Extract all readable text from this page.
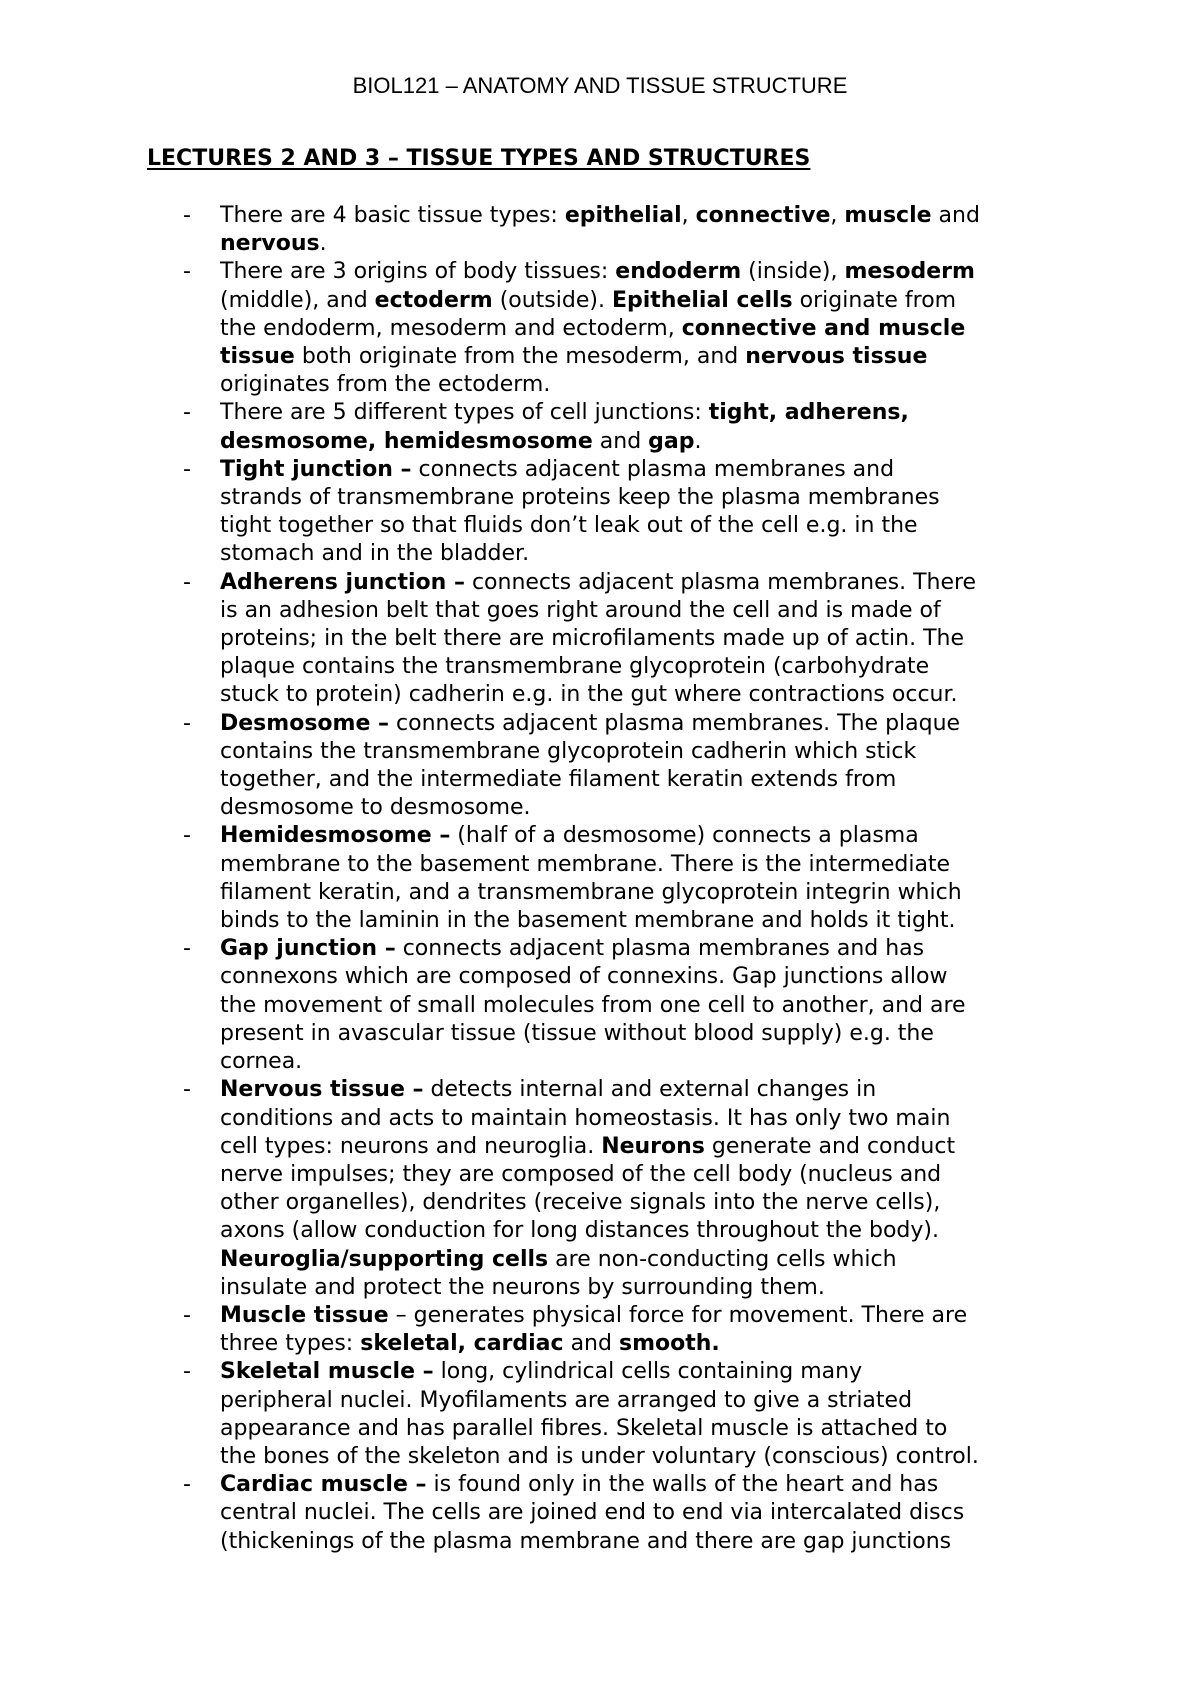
BIOL121 – ANATOMY AND TISSUE STRUCTURE
LECTURES 2 AND 3 – TISSUE TYPES AND STRUCTURES
- There are 4 basic tissue types: epithelial, connective, muscle and
nervous.
- There are 3 origins of body tissues: endoderm (inside), mesoderm
(middle), and ectoderm (outside). Epithelial cells originate from
the endoderm, mesoderm and ectoderm, connective and muscle
tissue both originate from the mesoderm, and nervous tissue
originates from the ectoderm.
- There are 5 different types of cell junctions: tight, adherens,
desmosome, hemidesmosome and gap.
- Tight junction – connects adjacent plasma membranes and
strands of transmembrane proteins keep the plasma membranes
tight together so that fluids don’t leak out of the cell e.g. in the
stomach and in the bladder.
- Adherens junction – connects adjacent plasma membranes. There
is an adhesion belt that goes right around the cell and is made of
proteins; in the belt there are microfilaments made up of actin. The
plaque contains the transmembrane glycoprotein (carbohydrate
stuck to protein) cadherin e.g. in the gut where contractions occur.
- Desmosome – connects adjacent plasma membranes. The plaque
contains the transmembrane glycoprotein cadherin which stick
together, and the intermediate filament keratin extends from
desmosome to desmosome.
- Hemidesmosome – (half of a desmosome) connects a plasma
membrane to the basement membrane. There is the intermediate
filament keratin, and a transmembrane glycoprotein integrin which
binds to the laminin in the basement membrane and holds it tight.
- Gap junction – connects adjacent plasma membranes and has
connexons which are composed of connexins. Gap junctions allow
the movement of small molecules from one cell to another, and are
present in avascular tissue (tissue without blood supply) e.g. the
cornea.
- Nervous tissue – detects internal and external changes in
conditions and acts to maintain homeostasis. It has only two main
cell types: neurons and neuroglia. Neurons generate and conduct
nerve impulses; they are composed of the cell body (nucleus and
other organelles), dendrites (receive signals into the nerve cells),
axons (allow conduction for long distances throughout the body).
Neuroglia/supporting cells are non-conducting cells which
insulate and protect the neurons by surrounding them.
- Muscle tissue – generates physical force for movement. There are
three types: skeletal, cardiac and smooth.
- Skeletal muscle – long, cylindrical cells containing many
peripheral nuclei. Myofilaments are arranged to give a striated
appearance and has parallel fibres. Skeletal muscle is attached to
the bones of the skeleton and is under voluntary (conscious) control.
- Cardiac muscle – is found only in the walls of the heart and has
central nuclei. The cells are joined end to end via intercalated discs
(thickenings of the plasma membrane and there are gap junctions
